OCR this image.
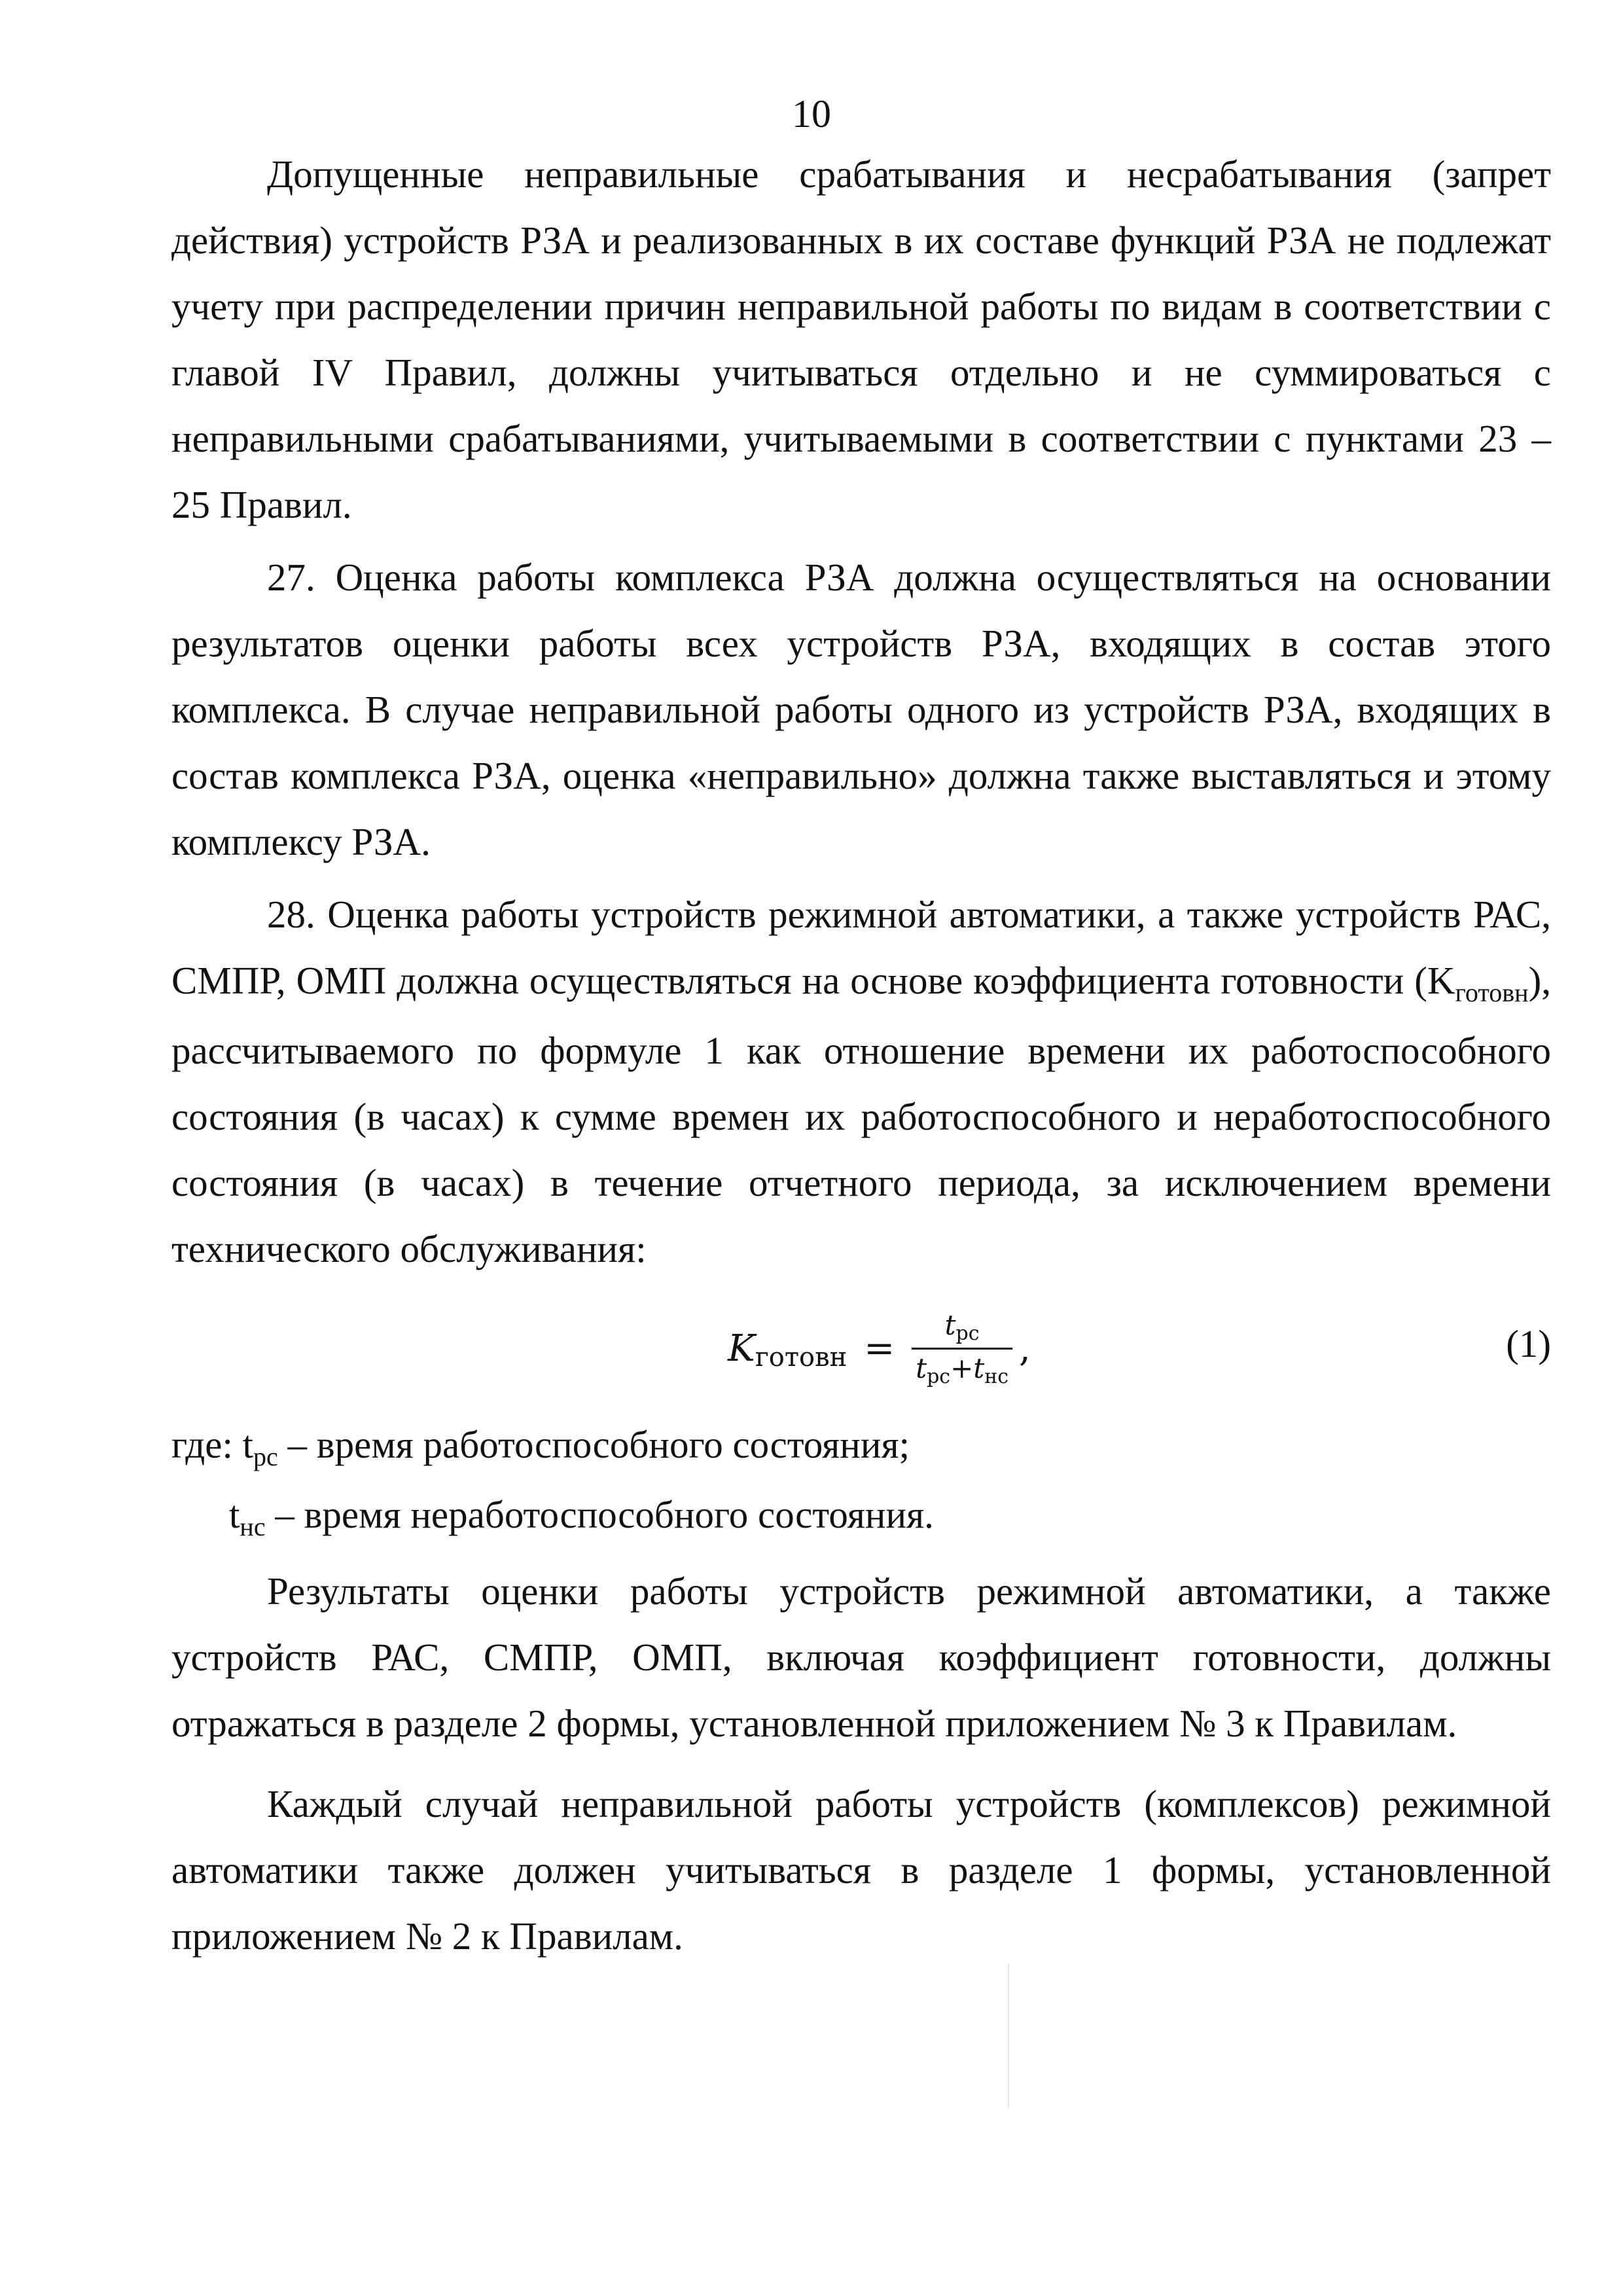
10

Допущенные неправильные срабатывания и несрабатывания (запрет действия) устройств РЗА и реализованных в их составе функций РЗА не подлежат учету при распределении причин неправильной работы по видам в соответствии с главой IV Правил, должны учитываться отдельно и не суммироваться с неправильными срабатываниями, учитываемыми в соответствии с пунктами 23 – 25 Правил.

27. Оценка работы комплекса РЗА должна осуществляться на основании результатов оценки работы всех устройств РЗА, входящих в состав этого комплекса. В случае неправильной работы одного из устройств РЗА, входящих в состав комплекса РЗА, оценка «неправильно» должна также выставляться и этому комплексу РЗА.

28. Оценка работы устройств режимной автоматики, а также устройств РАС, СМПР, ОМП должна осуществляться на основе коэффициента готовности $(K_{готовн})$, рассчитываемого по формуле 1 как отношение времени их работоспособного состояния (в часах) к сумме времен их работоспособного и неработоспособного состояния (в часах) в течение отчетного периода, за исключением времени технического обслуживания:

K готовн = $\frac{\text{tрс}}{\text{tрс+tнс}}$ ,	(1)

где: $t_{рс}$ – время работоспособного состояния;

$t_{нс}$ – время неработоспособного состояния.

Результаты оценки работы устройств режимной автоматики, а также устройств РАС, СМПР, ОМП, включая коэффициент готовности, должны отражаться в разделе 2 формы, установленной приложением № 3 к Правилам.

Каждый случай неправильной работы устройств (комплексов) режимной автоматики также должен учитываться в разделе 1 формы, установленной приложением № 2 к Правилам.
